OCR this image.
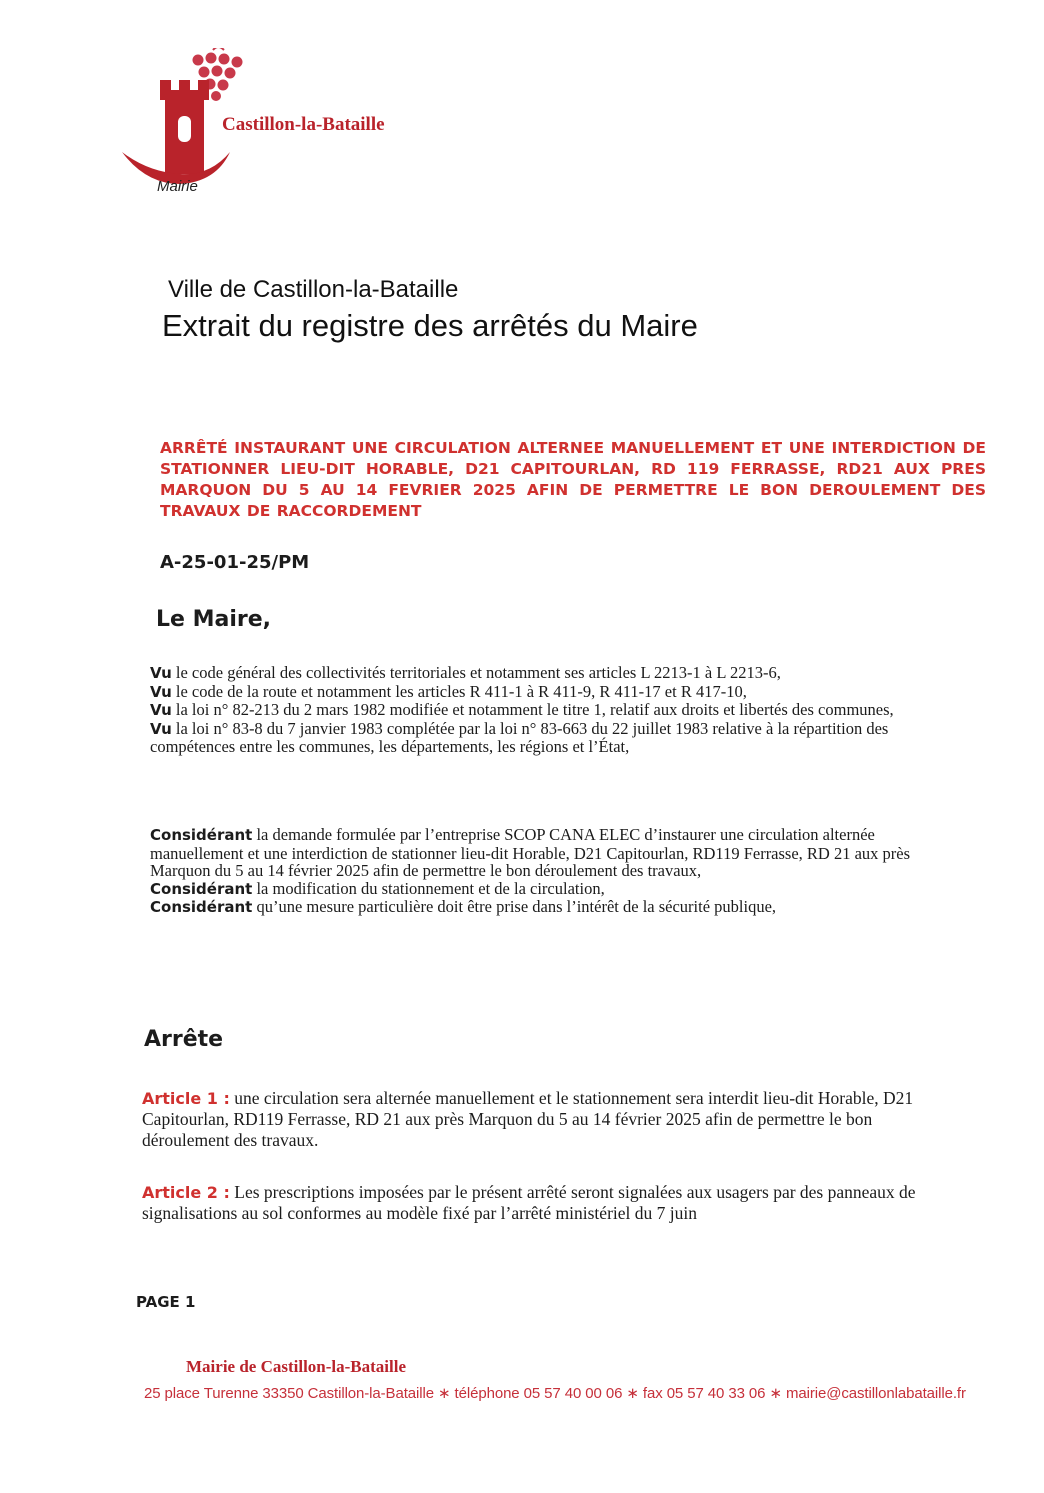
Castillon-la-Bataille
Mairie
Ville de Castillon-la-Bataille
Extrait du registre des arrêtés du Maire

ARRÊTÉ INSTAURANT UNE CIRCULATION ALTERNEE MANUELLEMENT ET UNE INTERDICTION DE STATIONNER LIEU-DIT HORABLE, D21 CAPITOURLAN, RD 119 FERRASSE, RD21 AUX PRES MARQUON DU 5 AU 14 FEVRIER 2025 AFIN DE PERMETTRE LE BON DEROULEMENT DES TRAVAUX DE RACCORDEMENT

A-25-01-25/PM
Le Maire,

Vu le code général des collectivités territoriales et notamment ses articles L 2213-1 à L 2213-6,

Vu le code de la route et notamment les articles R 411-1 à R 411-9, R 411-17 et R 417-10,

Vu la loi n° 82-213 du 2 mars 1982 modifiée et notamment le titre 1, relatif aux droits et libertés des communes,

Vu la loi n° 83-8 du 7 janvier 1983 complétée par la loi n° 83-663 du 22 juillet 1983 relative à la répartition des compétences entre les communes, les départements, les régions et l’État,

Considérant la demande formulée par l’entreprise SCOP CANA ELEC d’instaurer une circulation alternée manuellement et une interdiction de stationner lieu-dit Horable, D21 Capitourlan, RD119 Ferrasse, RD 21 aux près Marquon du 5 au 14 février 2025 afin de permettre le bon déroulement des travaux,

Considérant la modification du stationnement et de la circulation,

Considérant qu’une mesure particulière doit être prise dans l’intérêt de la sécurité publique,

Arrête

Article 1 : une circulation sera alternée manuellement et le stationnement sera interdit lieu-dit Horable, D21 Capitourlan, RD119 Ferrasse, RD 21 aux près Marquon du 5 au 14 février 2025 afin de permettre le bon déroulement des travaux.

Article 2 : Les prescriptions imposées par le présent arrêté seront signalées aux usagers par des panneaux de signalisations au sol conformes au modèle fixé par l’arrêté ministériel du 7 juin

PAGE 1
Mairie de Castillon-la-Bataille
25 place Turenne 33350 Castillon-la-Bataille ∗ téléphone 05 57 40 00 06 ∗ fax 05 57 40 33 06 ∗ mairie@castillonlabataille.fr
